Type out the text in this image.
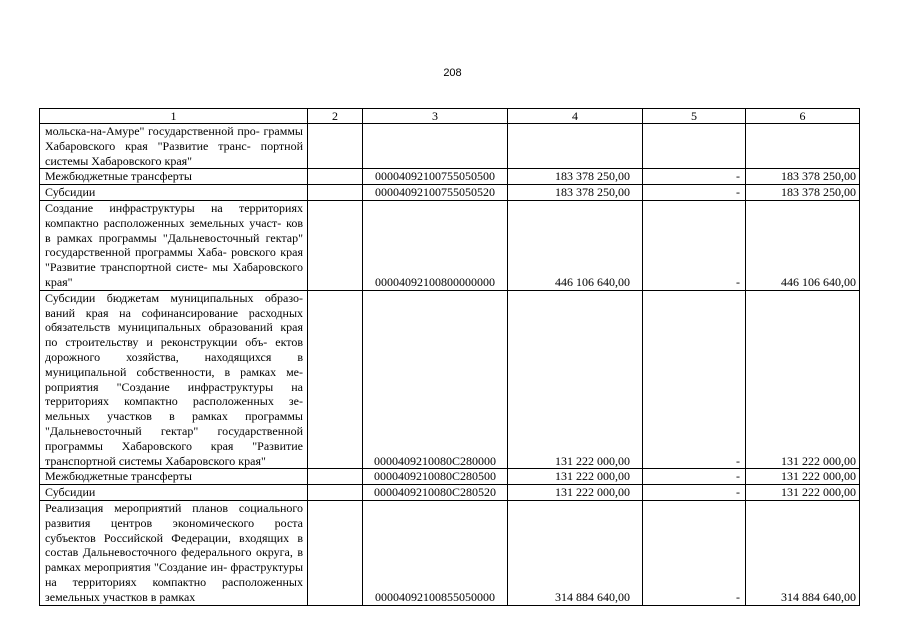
208
1	2	3	4	5	6
мольска-на-Амуре" государственной про- граммы Хабаровского края "Развитие транс- портной системы Хабаровского края"					
Межбюджетные трансферты		00004092100755050500	183 378 250,00	-	183 378 250,00
Субсидии		00004092100755050520	183 378 250,00	-	183 378 250,00
Создание инфраструктуры на территориях компактно расположенных земельных участ- ков в рамках программы "Дальневосточный гектар" государственной программы Хаба- ровского края "Развитие транспортной систе- мы Хабаровского края"		00004092100800000000	446 106 640,00	-	446 106 640,00
Субсидии бюджетам муниципальных образо- ваний края на софинансирование расходных обязательств муниципальных образований края по строительству и реконструкции объ- ектов дорожного хозяйства, находящихся в муниципальной собственности, в рамках ме- роприятия "Создание инфраструктуры на территориях компактно расположенных зе- мельных участков в рамках программы "Дальневосточный гектар" государственной программы Хабаровского края "Развитие транспортной системы Хабаровского края"		0000409210080С280000	131 222 000,00	-	131 222 000,00
Межбюджетные трансферты		0000409210080С280500	131 222 000,00	-	131 222 000,00
Субсидии		0000409210080С280520	131 222 000,00	-	131 222 000,00
Реализация мероприятий планов социального развития центров экономического роста субъектов Российской Федерации, входящих в состав Дальневосточного федерального округа, в рамках мероприятия "Создание ин- фраструктуры на территориях компактно расположенных земельных участков в рамках		00004092100855050000	314 884 640,00	-	314 884 640,00
